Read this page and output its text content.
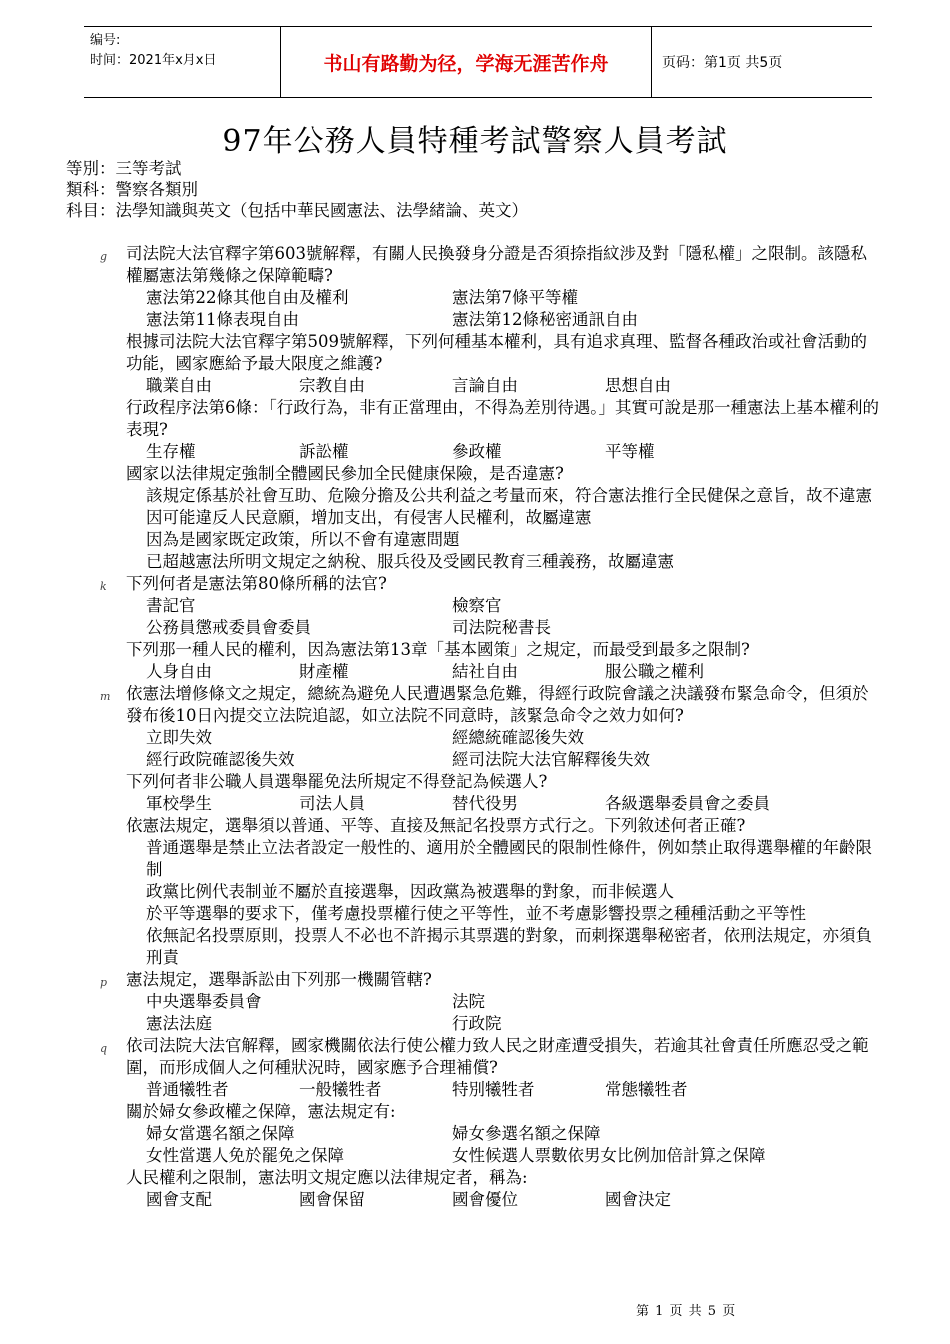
编号:
时间：2021年x月x日	书山有路勤为径，学海无涯苦作舟	页码：第1页 共5页
97年公務人員特種考試警察人員考試
等別：三等考試
類科：警察各類別
科目：法學知識與英文（包括中華民國憲法、法學緒論、英文）
g 司法院大法官釋字第603號解釋，有關人民換發身分證是否須捺指紋涉及對「隱私權」之限制。該隱私權屬憲法第幾條之保障範疇?
憲法第22條其他自由及權利	憲法第7條平等權
憲法第11條表現自由	憲法第12條秘密通訊自由
根據司法院大法官釋字第509號解釋，下列何種基本權利，具有追求真理、監督各種政治或社會活動的功能，國家應給予最大限度之維護?
職業自由	宗教自由	言論自由	思想自由
行政程序法第6條：「行政行為，非有正當理由，不得為差別待遇。」其實可說是那一種憲法上基本權利的表現?
生存權	訴訟權	參政權	平等權
國家以法律規定強制全體國民參加全民健康保險，是否違憲?
該規定係基於社會互助、危險分擔及公共利益之考量而來，符合憲法推行全民健保之意旨，故不違憲
因可能違反人民意願，增加支出，有侵害人民權利，故屬違憲
因為是國家既定政策，所以不會有違憲問題
已超越憲法所明文規定之納稅、服兵役及受國民教育三種義務，故屬違憲
k 下列何者是憲法第80條所稱的法官?
書記官	檢察官
公務員懲戒委員會委員	司法院秘書長
下列那一種人民的權利，因為憲法第13章「基本國策」之規定，而最受到最多之限制?
人身自由	財產權	結社自由	服公職之權利
m 依憲法增修條文之規定，總統為避免人民遭遇緊急危難，得經行政院會議之決議發布緊急命令，但須於發布後10日內提交立法院追認，如立法院不同意時，該緊急命令之效力如何?
立即失效	經總統確認後失效
經行政院確認後失效	經司法院大法官解釋後失效
下列何者非公職人員選舉罷免法所規定不得登記為候選人?
軍校學生	司法人員	替代役男	各級選舉委員會之委員
依憲法規定，選舉須以普通、平等、直接及無記名投票方式行之。下列敘述何者正確?
普通選舉是禁止立法者設定一般性的、適用於全體國民的限制性條件，例如禁止取得選舉權的年齡限制
政黨比例代表制並不屬於直接選舉，因政黨為被選舉的對象，而非候選人
於平等選舉的要求下，僅考慮投票權行使之平等性，並不考慮影響投票之種種活動之平等性
依無記名投票原則，投票人不必也不許揭示其票選的對象，而刺探選舉秘密者，依刑法規定，亦須負刑責
p 憲法規定，選舉訴訟由下列那一機關管轄?
中央選舉委員會	法院
憲法法庭	行政院
q 依司法院大法官解釋，國家機關依法行使公權力致人民之財產遭受損失，若逾其社會責任所應忍受之範圍，而形成個人之何種狀況時，國家應予合理補償?
普通犧牲者	一般犧牲者	特別犧牲者	常態犧牲者
關於婦女參政權之保障，憲法規定有:
婦女當選名額之保障	婦女參選名額之保障
女性當選人免於罷免之保障	女性候選人票數依男女比例加倍計算之保障
人民權利之限制，憲法明文規定應以法律規定者，稱為:
國會支配	國會保留	國會優位	國會決定
第 1 页 共 5 页
